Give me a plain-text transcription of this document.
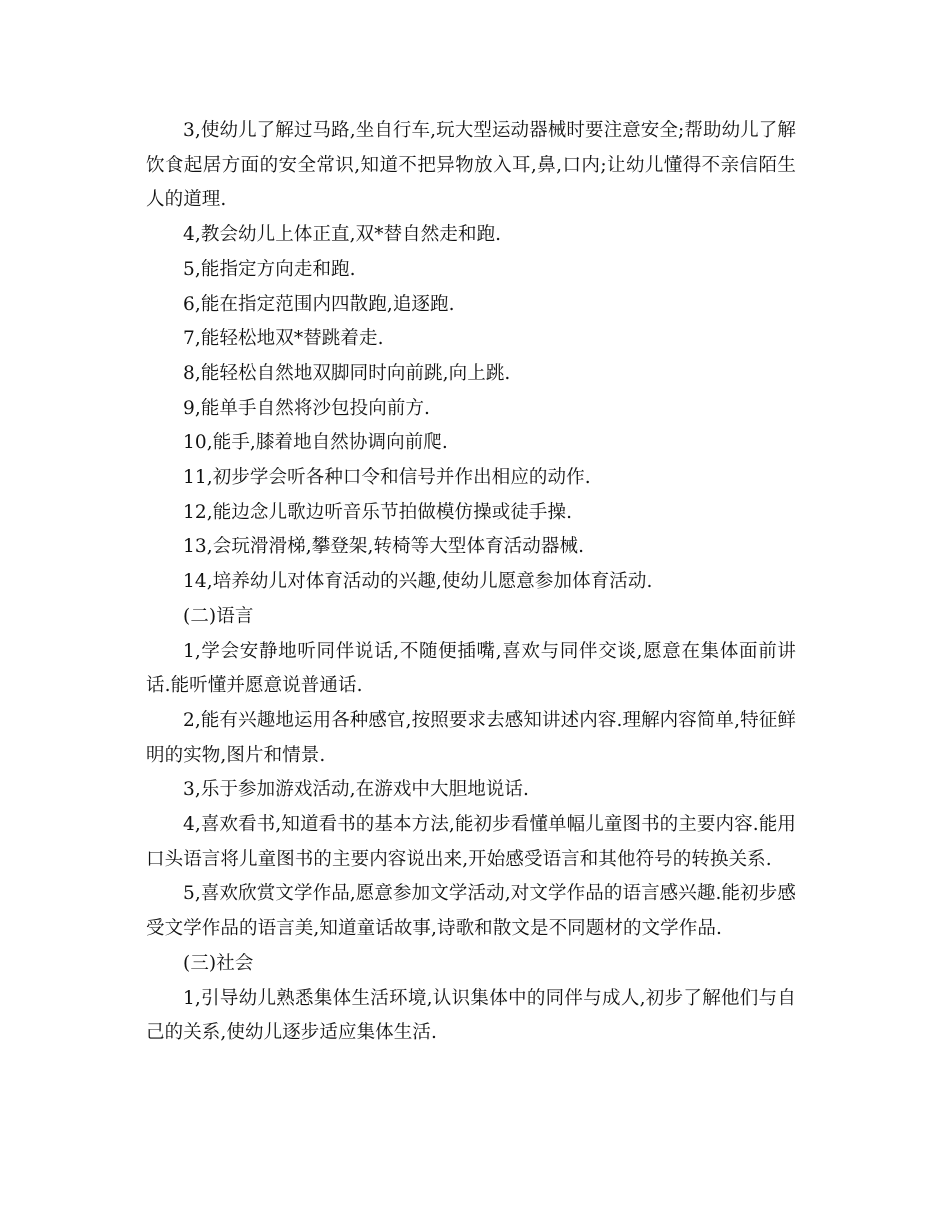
3,使幼儿了解过马路,坐自行车,玩大型运动器械时要注意安全;帮助幼儿了解饮食起居方面的安全常识,知道不把异物放入耳,鼻,口内;让幼儿懂得不亲信陌生人的道理.

4,教会幼儿上体正直,双*替自然走和跑.

5,能指定方向走和跑.

6,能在指定范围内四散跑,追逐跑.

7,能轻松地双*替跳着走.

8,能轻松自然地双脚同时向前跳,向上跳.

9,能单手自然将沙包投向前方.

10,能手,膝着地自然协调向前爬.

11,初步学会听各种口令和信号并作出相应的动作.

12,能边念儿歌边听音乐节拍做模仿操或徒手操.

13,会玩滑滑梯,攀登架,转椅等大型体育活动器械.

14,培养幼儿对体育活动的兴趣,使幼儿愿意参加体育活动.

(二)语言

1,学会安静地听同伴说话,不随便插嘴,喜欢与同伴交谈,愿意在集体面前讲话.能听懂并愿意说普通话.

2,能有兴趣地运用各种感官,按照要求去感知讲述内容.理解内容简单,特征鲜明的实物,图片和情景.

3,乐于参加游戏活动,在游戏中大胆地说话.

4,喜欢看书,知道看书的基本方法,能初步看懂单幅儿童图书的主要内容.能用口头语言将儿童图书的主要内容说出来,开始感受语言和其他符号的转换关系.

5,喜欢欣赏文学作品,愿意参加文学活动,对文学作品的语言感兴趣.能初步感受文学作品的语言美,知道童话故事,诗歌和散文是不同题材的文学作品.

(三)社会

1,引导幼儿熟悉集体生活环境,认识集体中的同伴与成人,初步了解他们与自己的关系,使幼儿逐步适应集体生活.
